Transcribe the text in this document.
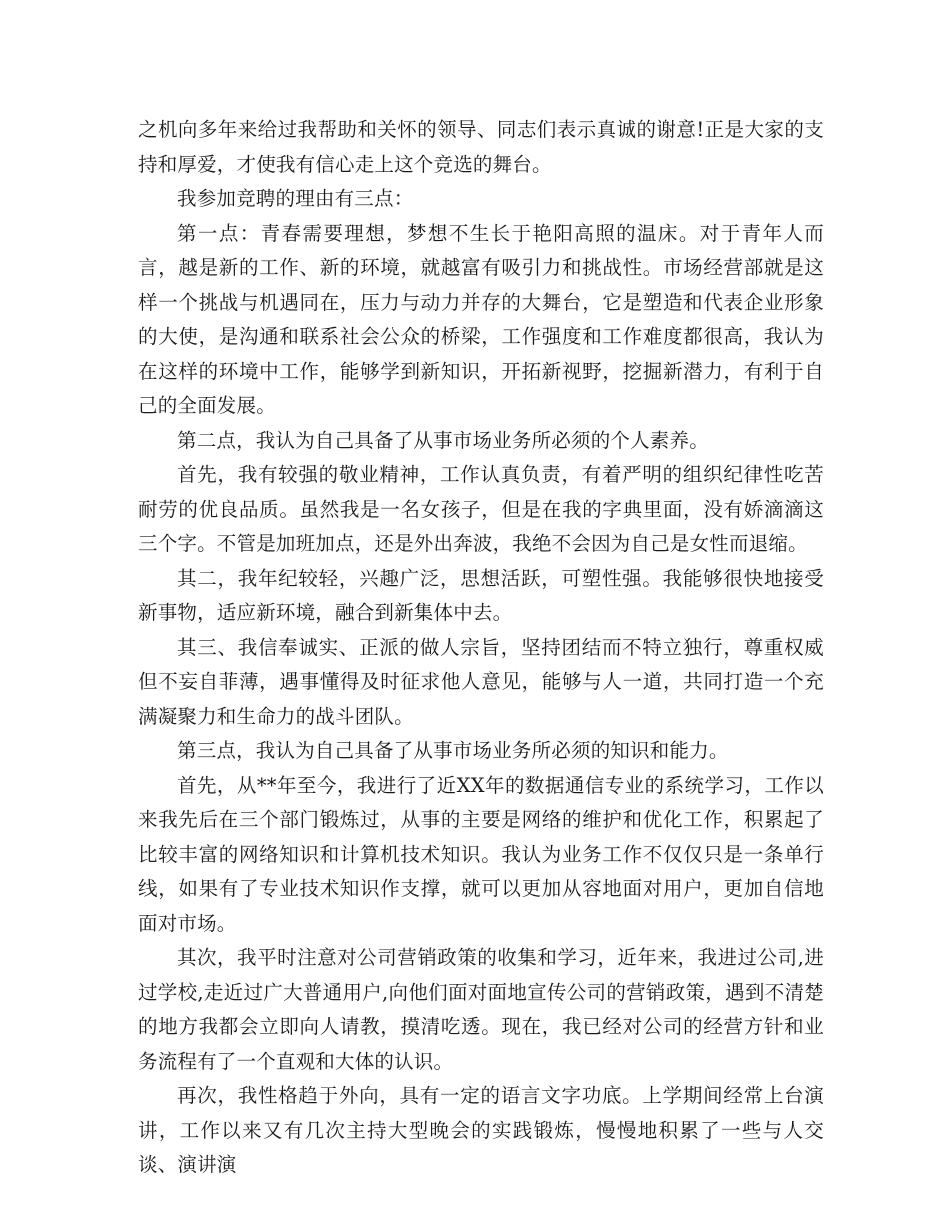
之机向多年来给过我帮助和关怀的领导、同志们表示真诚的谢意!正是大家的支持和厚爱，才使我有信心走上这个竞选的舞台。

我参加竞聘的理由有三点：

第一点：青春需要理想，梦想不生长于艳阳高照的温床。对于青年人而言，越是新的工作、新的环境，就越富有吸引力和挑战性。市场经营部就是这样一个挑战与机遇同在，压力与动力并存的大舞台，它是塑造和代表企业形象的大使，是沟通和联系社会公众的桥梁，工作强度和工作难度都很高，我认为在这样的环境中工作，能够学到新知识，开拓新视野，挖掘新潜力，有利于自己的全面发展。

第二点，我认为自己具备了从事市场业务所必须的个人素养。

首先，我有较强的敬业精神，工作认真负责，有着严明的组织纪律性吃苦耐劳的优良品质。虽然我是一名女孩子，但是在我的字典里面，没有娇滴滴这三个字。不管是加班加点，还是外出奔波，我绝不会因为自己是女性而退缩。

其二，我年纪较轻，兴趣广泛，思想活跃，可塑性强。我能够很快地接受新事物，适应新环境，融合到新集体中去。

其三、我信奉诚实、正派的做人宗旨，坚持团结而不特立独行，尊重权威但不妄自菲薄，遇事懂得及时征求他人意见，能够与人一道，共同打造一个充满凝聚力和生命力的战斗团队。

第三点，我认为自己具备了从事市场业务所必须的知识和能力。

首先，从**年至今，我进行了近XX年的数据通信专业的系统学习，工作以来我先后在三个部门锻炼过，从事的主要是网络的维护和优化工作，积累起了比较丰富的网络知识和计算机技术知识。我认为业务工作不仅仅只是一条单行线，如果有了专业技术知识作支撑，就可以更加从容地面对用户，更加自信地面对市场。

其次，我平时注意对公司营销政策的收集和学习，近年来，我进过公司,进过学校,走近过广大普通用户,向他们面对面地宣传公司的营销政策，遇到不清楚的地方我都会立即向人请教，摸清吃透。现在，我已经对公司的经营方针和业务流程有了一个直观和大体的认识。

再次，我性格趋于外向，具有一定的语言文字功底。上学期间经常上台演讲，工作以来又有几次主持大型晚会的实践锻炼，慢慢地积累了一些与人交谈、演讲演
